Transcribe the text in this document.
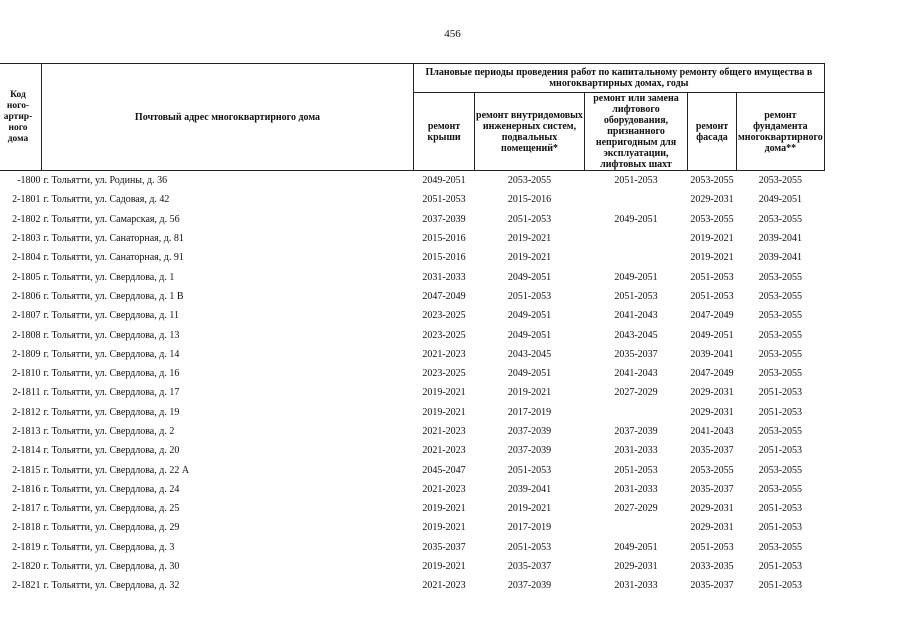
456
Код
ного-
артир-
ного
дома	Почтовый адрес многоквартирного дома	Плановые периоды проведения работ по капитальному ремонту общего имущества в многоквартирных домах, годы				
		ремонт крыши	ремонт внутридомовых инженерных систем, подвальных помещений*	ремонт или замена лифтового оборудования, признанного непригодным для эксплуатации, лифтовых шахт	ремонт фасада	ремонт фундамента многоквартирного дома**
-1800	г. Тольятти, ул. Родины, д. 36	2049-2051	2053-2055	2051-2053	2053-2055	2053-2055
2-1801	г. Тольятти, ул. Садовая, д. 42	2051-2053	2015-2016		2029-2031	2049-2051
2-1802	г. Тольятти, ул. Самарская, д. 56	2037-2039	2051-2053	2049-2051	2053-2055	2053-2055
2-1803	г. Тольятти, ул. Санаторная, д. 81	2015-2016	2019-2021		2019-2021	2039-2041
2-1804	г. Тольятти, ул. Санаторная, д. 91	2015-2016	2019-2021		2019-2021	2039-2041
2-1805	г. Тольятти, ул. Свердлова, д. 1	2031-2033	2049-2051	2049-2051	2051-2053	2053-2055
2-1806	г. Тольятти, ул. Свердлова, д. 1 В	2047-2049	2051-2053	2051-2053	2051-2053	2053-2055
2-1807	г. Тольятти, ул. Свердлова, д. 11	2023-2025	2049-2051	2041-2043	2047-2049	2053-2055
2-1808	г. Тольятти, ул. Свердлова, д. 13	2023-2025	2049-2051	2043-2045	2049-2051	2053-2055
2-1809	г. Тольятти, ул. Свердлова, д. 14	2021-2023	2043-2045	2035-2037	2039-2041	2053-2055
2-1810	г. Тольятти, ул. Свердлова, д. 16	2023-2025	2049-2051	2041-2043	2047-2049	2053-2055
2-1811	г. Тольятти, ул. Свердлова, д. 17	2019-2021	2019-2021	2027-2029	2029-2031	2051-2053
2-1812	г. Тольятти, ул. Свердлова, д. 19	2019-2021	2017-2019		2029-2031	2051-2053
2-1813	г. Тольятти, ул. Свердлова, д. 2	2021-2023	2037-2039	2037-2039	2041-2043	2053-2055
2-1814	г. Тольятти, ул. Свердлова, д. 20	2021-2023	2037-2039	2031-2033	2035-2037	2051-2053
2-1815	г. Тольятти, ул. Свердлова, д. 22 А	2045-2047	2051-2053	2051-2053	2053-2055	2053-2055
2-1816	г. Тольятти, ул. Свердлова, д. 24	2021-2023	2039-2041	2031-2033	2035-2037	2053-2055
2-1817	г. Тольятти, ул. Свердлова, д. 25	2019-2021	2019-2021	2027-2029	2029-2031	2051-2053
2-1818	г. Тольятти, ул. Свердлова, д. 29	2019-2021	2017-2019		2029-2031	2051-2053
2-1819	г. Тольятти, ул. Свердлова, д. 3	2035-2037	2051-2053	2049-2051	2051-2053	2053-2055
2-1820	г. Тольятти, ул. Свердлова, д. 30	2019-2021	2035-2037	2029-2031	2033-2035	2051-2053
2-1821	г. Тольятти, ул. Свердлова, д. 32	2021-2023	2037-2039	2031-2033	2035-2037	2051-2053
